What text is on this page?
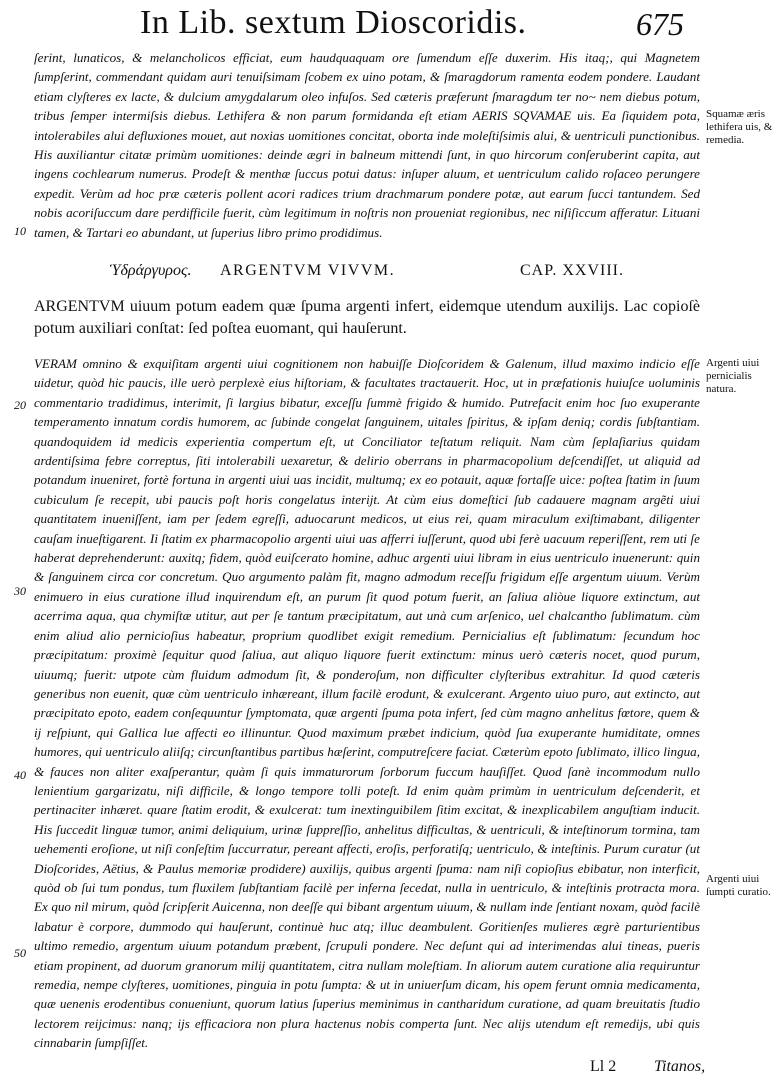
In Lib. sextum Dioscoridis.	675

ſerint, lunaticos, & melancholicos efficiat, eum haudquaquam ore ſumendum eſſe duxerim. His itaq;, qui Magnetem ſumpſerint, commendant quidam auri tenuiſsimam ſcobem ex uino potam, & ſmaragdorum ramenta eodem pondere. Laudant etiam clyſteres ex lacte, & dulcium amygdalarum oleo infuſos. Sed cæteris præferunt ſmaragdum ter no~ nem diebus potum, tribus ſemper intermiſsis diebus. Lethifera & non parum formidanda eſt etiam AERIS SQVAMAE uis. Ea ſiquidem pota, intolerabiles alui defluxiones mouet, aut noxias uomitiones concitat, oborta inde moleſtiſsimis alui, & uentriculi punctionibus. His auxiliantur citatæ primùm uomitiones: deinde ægri in balneum mittendi ſunt, in quo hircorum conſeruberint capita, aut ingens cochlearum numerus. Prodeſt & menthæ ſuccus potui datus: inſuper aluum, et uentriculum calido roſaceo perungere expedit. Verùm ad hoc præ cæteris pollent acori radices trium drachmarum pondere potæ, aut earum ſucci tantundem. Sed nobis acoriſuccum dare perdifficile fuerit, cùm legitimum in noſtris non proueniat regionibus, nec niſiſiccum afferatur. Lituani tamen, & Tartari eo abundant, ut ſuperius libro primo prodidimus.

Ὑδράργυρος. ARGENTVM VIVVM.	CAP. XXVIII.

ARGENTVM uiuum potum eadem quæ ſpuma argenti infert, eidemque utendum auxilijs. Lac copioſè potum auxiliari conſtat: ſed poſtea euomant, qui hauſerunt.

VERAM omnino & exquiſitam argenti uiui cognitionem non habuiſſe Dioſcoridem & Galenum, illud maximo indicio eſſe uidetur, quòd hic paucis, ille uerò perplexè eius hiſtoriam, & facultates tractauerit. Hoc, ut in præfationis huiuſce uoluminis commentario tradidimus, interimit, ſi largius bibatur, exceſſu ſummè frigido & humido. Putrefacit enim hoc ſuo exuperante temperamento innatum cordis humorem, ac ſubinde congelat ſanguinem, uitales ſpiritus, & ipſam deniq; cordis ſubſtantiam. quandoquidem id medicis experientia compertum eſt, ut Conciliator teſtatum reliquit. Nam cùm ſeplaſiarius quidam ardentiſsima febre correptus, ſiti intolerabili uexaretur, & delirio oberrans in pharmacopolium deſcendiſſet, ut aliquid ad potandum inueniret, fortè fortuna in argenti uiui uas incidit, multumq; ex eo potauit, aquæ fortaſſe uice: poſtea ſtatim in ſuum cubiculum ſe recepit, ubi paucis poſt horis congelatus interijt. At cùm eius domeſtici ſub cadauere magnam argẽti uiui quantitatem inueniſſent, iam per ſedem egreſſi, aduocarunt medicos, ut eius rei, quam miraculum exiſtimabant, diligenter cauſam inueſtigarent. Ii ſtatim ex pharmacopolio argenti uiui uas afferri iuſſerunt, quod ubi ferè uacuum reperiſſent, rem uti ſe haberat deprehenderunt: auxitq; fidem, quòd euiſcerato homine, adhuc argenti uiui libram in eius uentriculo inuenerunt: quin & ſanguinem circa cor concretum. Quo argumento palàm fit, magno admodum receſſu frigidum eſſe argentum uiuum. Verùm enimuero in eius curatione illud inquirendum eſt, an purum ſit quod potum fuerit, an ſaliua aliòue liquore extinctum, aut acerrima aqua, qua chymiſtæ utitur, aut per ſe tantum præcipitatum, aut unà cum arſenico, uel chalcantho ſublimatum. cùm enim aliud alio pernicioſius habeatur, proprium quodlibet exigit remedium. Pernicialius eſt ſublimatum: ſecundum hoc præcipitatum: proximè ſequitur quod ſaliua, aut aliquo liquore fuerit extinctum: minus uerò cæteris nocet, quod purum, uiuumq; fuerit: utpote cùm fluidum admodum ſit, & ponderoſum, non difficulter clyſteribus extrahitur. Id quod cæteris generibus non euenit, quæ cùm uentriculo inhæreant, illum facilè erodunt, & exulcerant. Argento uiuo puro, aut extincto, aut præcipitato epoto, eadem conſequuntur ſymptomata, quæ argenti ſpuma pota infert, ſed cùm magno anhelitus fœtore, quem & ij reſpiunt, qui Gallica lue affecti eo illinuntur. Quod maximum præbet indicium, quòd ſua exuperante humiditate, omnes humores, qui uentriculo aliiſq; circunſtantibus partibus hæſerint, computreſcere faciat. Cæterùm epoto ſublimato, illico lingua, & fauces non aliter exaſperantur, quàm ſi quis immaturorum ſorborum fuccum hauſiſſet. Quod ſanè incommodum nullo lenientium gargarizatu, niſi difficile, & longo tempore tolli poteſt. Id enim quàm primùm in uentriculum deſcenderit, et pertinaciter inhæret. quare ſtatim erodit, & exulcerat: tum inextinguibilem ſitim excitat, & inexplicabilem anguſtiam inducit. His ſuccedit linguæ tumor, animi deliquium, urinæ ſuppreſſio, anhelitus difficultas, & uentriculi, & inteſtinorum tormina, tam uehementi eroſione, ut niſi conſeſtim ſuccurratur, pereant affecti, eroſis, perforatiſq; uentriculo, & inteſtinis. Purum curatur (ut Dioſcorides, Aëtius, & Paulus memoriæ prodidere) auxilijs, quibus argenti ſpuma: nam niſi copioſius ebibatur, non interficit, quòd ob ſui tum pondus, tum fluxilem ſubſtantiam facilè per inferna ſecedat, nulla in uentriculo, & inteſtinis protracta mora. Ex quo nil mirum, quòd ſcripſerit Auicenna, non deeſſe qui bibant argentum uiuum, & nullam inde ſentiant noxam, quòd facilè labatur è corpore, dummodo qui hauſerunt, continuè huc atq; illuc deambulent. Goritienſes mulieres ægrè parturientibus ultimo remedio, argentum uiuum potandum præbent, ſcrupuli pondere. Nec deſunt qui ad interimendas alui tineas, pueris etiam propinent, ad duorum granorum milij quantitatem, citra nullam moleſtiam. In aliorum autem curatione alia requiruntur remedia, nempe clyſteres, uomitiones, pinguia in potu ſumpta: & ut in uniuerſum dicam, his opem ferunt omnia medicamenta, quæ uenenis erodentibus conueniunt, quorum latius ſuperius meminimus in cantharidum curatione, ad quam breuitatis ſtudio lectorem reijcimus: nanq; ijs efficaciora non plura hactenus nobis comperta ſunt. Nec alijs utendum eſt remedijs, ubi quis cinnabarin ſumpſiſſet.

Squamæ æris lethifera uis, & remedia.
Argenti uiui pernicialis natura.
Argenti uiui ſumpti curatio.
10
20
30
40
50
Ll 2 Titanos,
